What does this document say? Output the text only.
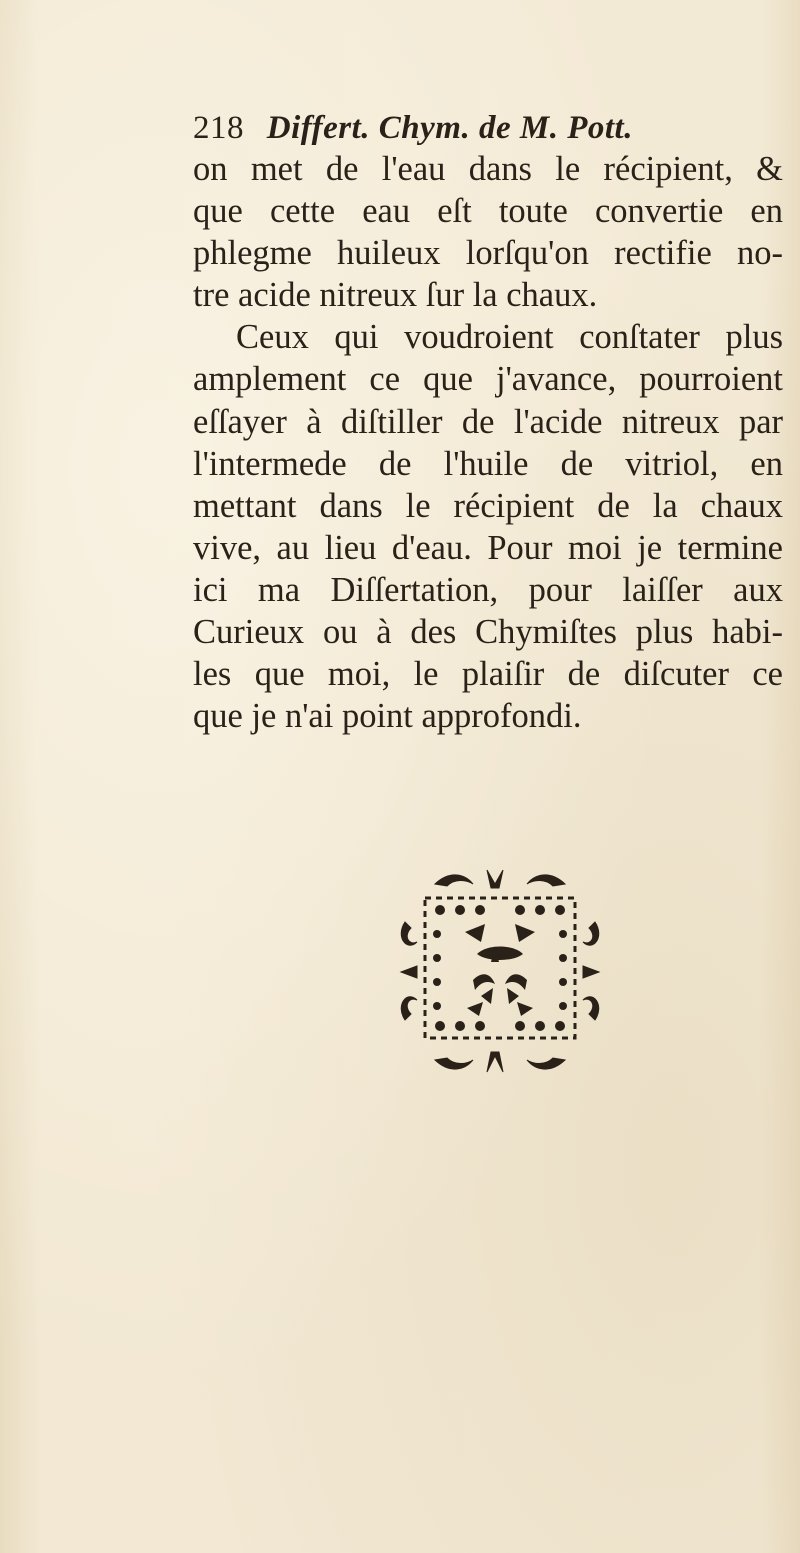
218 Differt. Chym. de M. Pott.
on met de l'eau dans le récipient, &
que cette eau eſt toute convertie en
phlegme huileux lorſqu'on rectifie no-
tre acide nitreux ſur la chaux.
Ceux qui voudroient conſtater plus
amplement ce que j'avance, pourroient
eſſayer à diſtiller de l'acide nitreux par
l'intermede de l'huile de vitriol, en
mettant dans le récipient de la chaux
vive, au lieu d'eau. Pour moi je termine
ici ma Diſſertation, pour laiſſer aux
Curieux ou à des Chymiſtes plus habi-
les que moi, le plaiſir de diſcuter ce
que je n'ai point approfondi.
